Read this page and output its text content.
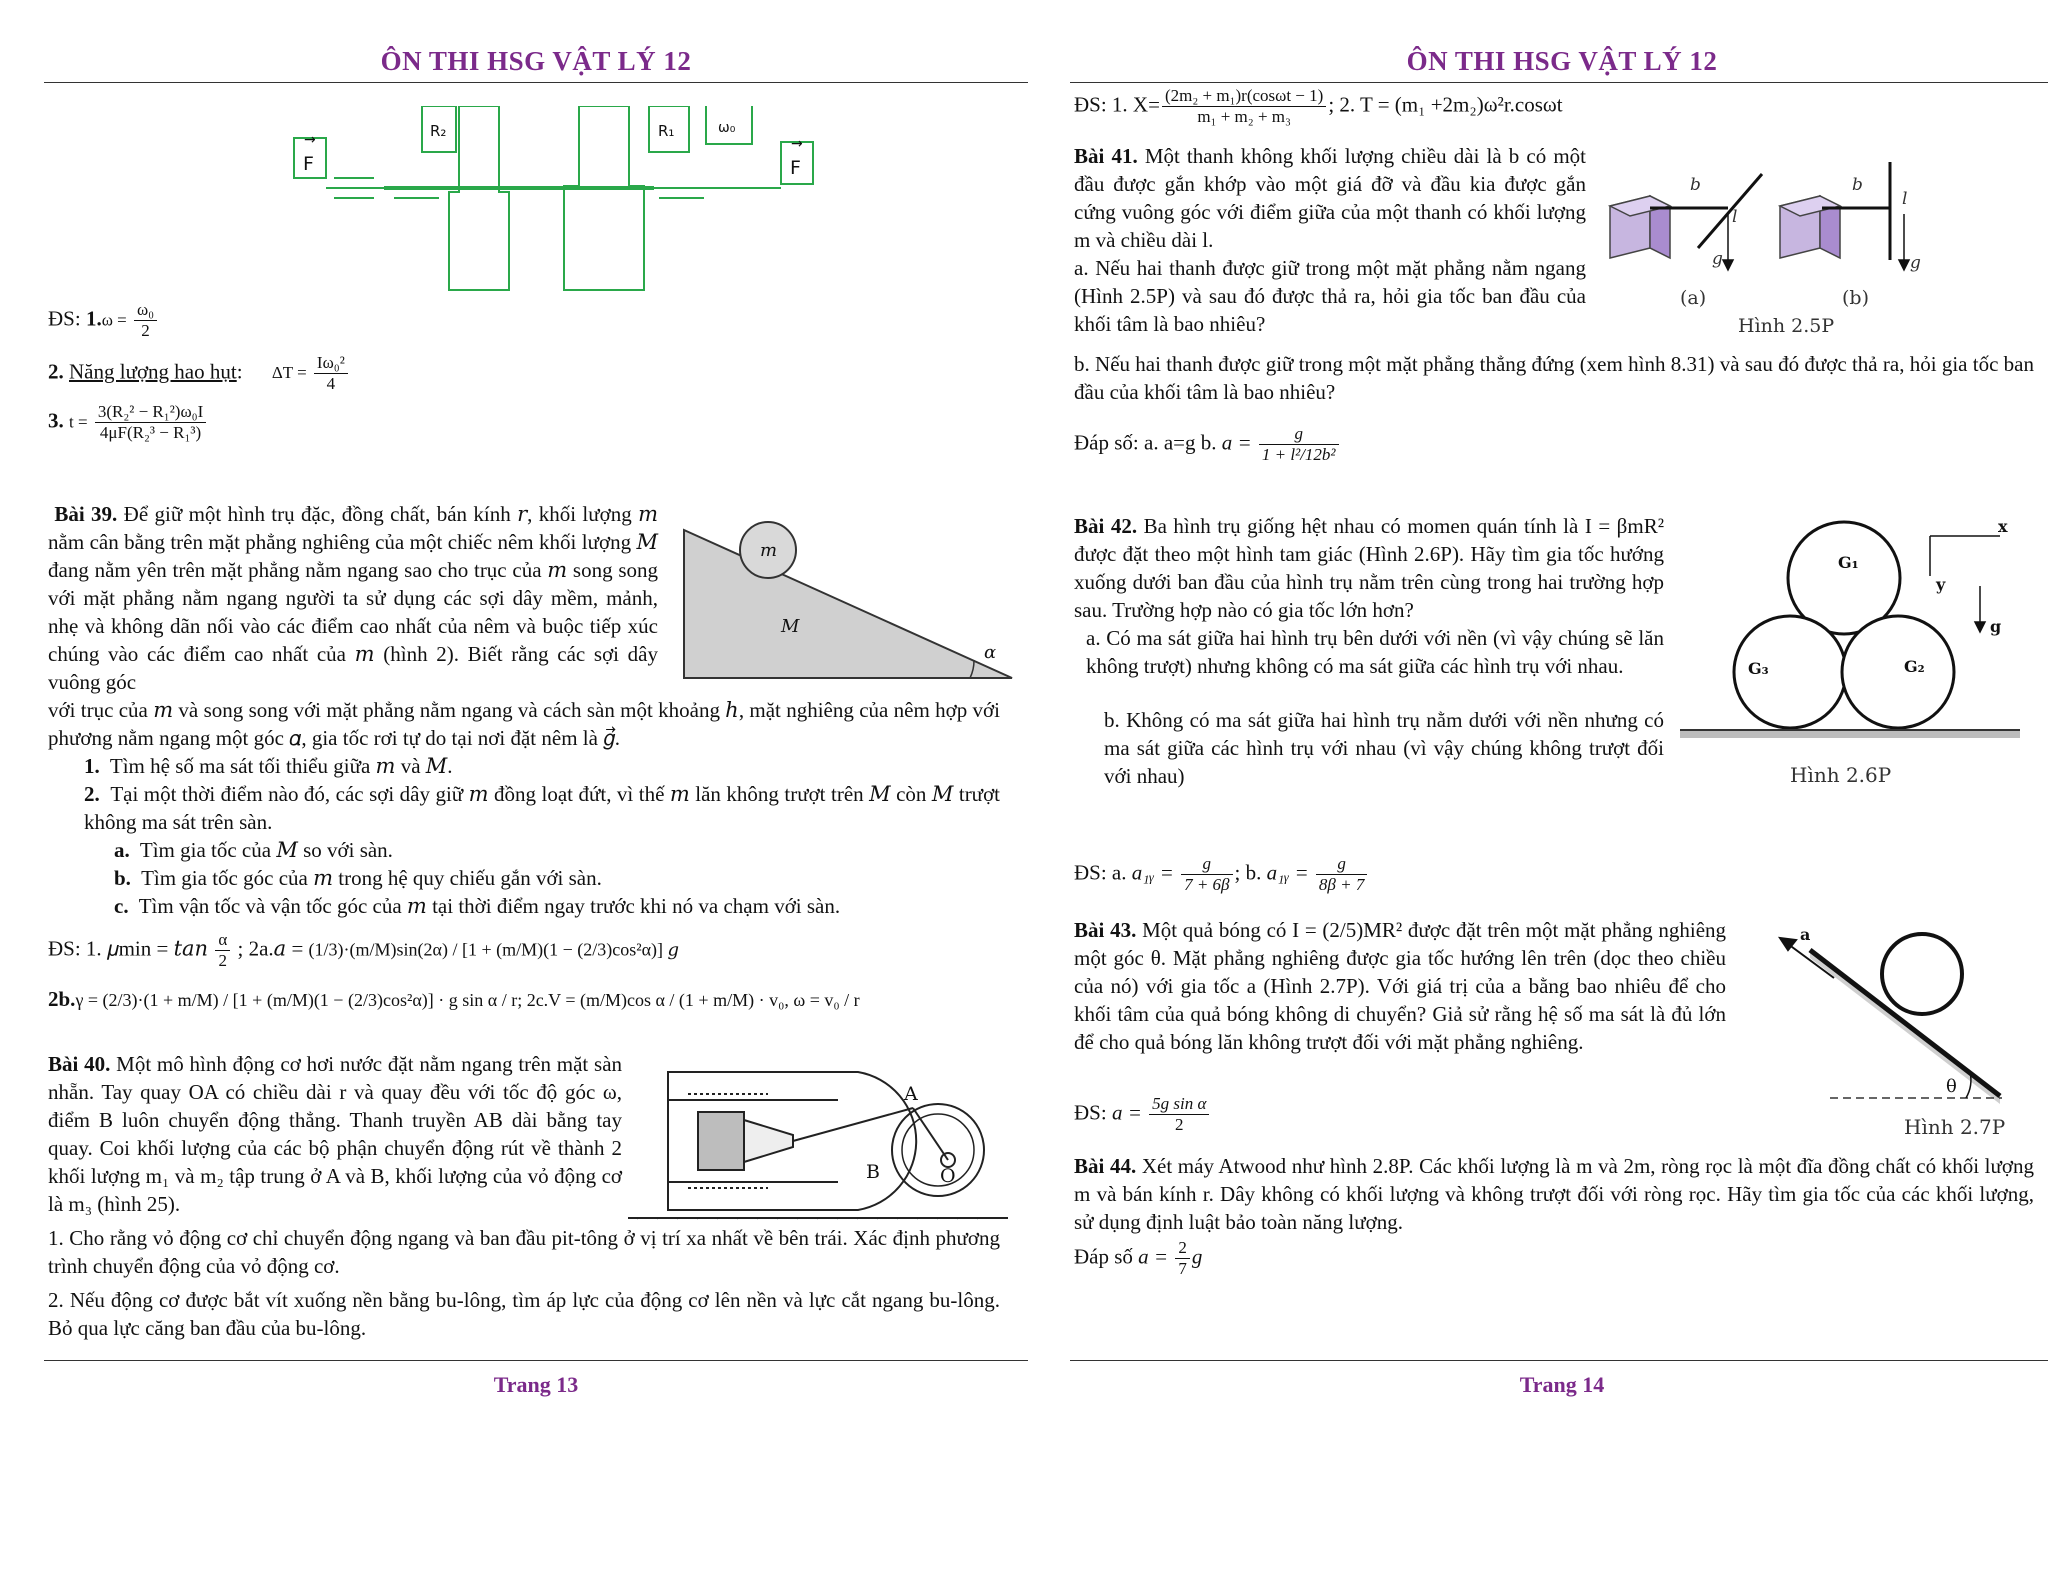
ÔN THI HSG VẬT LÝ 12
F
→
F
→
R₂	R₁	ω₀

ĐS: $1.\omega = \frac{\text{ω₀}}{2}$

2. Năng lượng hao hụt: $\Delta T = \frac{\text{Iω₀²}}{4}$

3. $t = \frac{\text{3(R₂² − R₁²)ω₀I}}{\text{4μF(R₂³ − R₁³)}}$

Bài 39. Để giữ một hình trụ đặc, đồng chất, bán kính 𝑟, khối lượng 𝑚 nằm cân bằng trên mặt phẳng nghiêng của một chiếc nêm khối lượng 𝑀 đang nằm yên trên mặt phẳng nằm ngang sao cho trục của 𝑚 song song với mặt phẳng nằm ngang người ta sử dụng các sợi dây mềm, mảnh, nhẹ và không dãn nối vào các điểm cao nhất của nêm và buộc tiếp xúc chúng vào các điểm cao nhất của 𝑚 (hình 2). Biết rằng các sợi dây vuông góc

m
M
α

với trục của 𝑚 và song song với mặt phẳng nằm ngang và cách sàn một khoảng ℎ, mặt nghiêng của nêm hợp với phương nằm ngang một góc 𝛼, gia tốc rơi tự do tại nơi đặt nêm là 𝑔⃗.

1. Tìm hệ số ma sát tối thiểu giữa 𝑚 và 𝑀.

2. Tại một thời điểm nào đó, các sợi dây giữ 𝑚 đồng loạt đứt, vì thế 𝑚 lăn không trượt trên 𝑀 còn 𝑀 trượt không ma sát trên sàn.

a. Tìm gia tốc của 𝑀 so với sàn.

b. Tìm gia tốc góc của 𝑚 trong hệ quy chiếu gắn với sàn.

c. Tìm vận tốc và vận tốc góc của 𝑚 tại thời điểm ngay trước khi nó va chạm với sàn.

ĐS: 1. 𝜇min = 𝑡𝑎𝑛 $\frac{\alpha}{2}$ ; 2a.𝑎 = (1/3)·(m/M)sin(2α) / [1 + (m/M)(1 − (2/3)cos²α)] 𝑔

2b.γ = (2/3)·(1 + m/M) / [1 + (m/M)(1 − (2/3)cos²α)] · g sin α / r; 2c.V = (m/M)cos α / (1 + m/M) · v₀, ω = v₀ / r

Bài 40. Một mô hình động cơ hơi nước đặt nằm ngang trên mặt sàn nhẵn. Tay quay OA có chiều dài r và quay đều với tốc độ góc ω, điểm B luôn chuyển động thẳng. Thanh truyền AB dài bằng tay quay. Coi khối lượng của các bộ phận chuyển động rút về thành 2 khối lượng m₁ và m₂ tập trung ở A và B, khối lượng của vỏ động cơ là m₃ (hình 25).

A
B	O

1. Cho rằng vỏ động cơ chỉ chuyển động ngang và ban đầu pit-tông ở vị trí xa nhất về bên trái. Xác định phương trình chuyển động của vỏ động cơ.

2. Nếu động cơ được bắt vít xuống nền bằng bu-lông, tìm áp lực của động cơ lên nền và lực cắt ngang bu-lông. Bỏ qua lực căng ban đầu của bu-lông.

Trang 13
ÔN THI HSG VẬT LÝ 12

ĐS: 1. $X= \frac{\text{(2m₂ + m₁)r(cosωt − 1)}}{\text{m₁ + m₂ + m₃}}$ ; 2. T = (m₁ +2m₂)ω²r.cosωt

Bài 41. Một thanh không khối lượng chiều dài là b có một đầu được gắn khớp vào một giá đỡ và đầu kia được gắn cứng vuông góc với điểm giữa của một thanh có khối lượng m và chiều dài l.

a. Nếu hai thanh được giữ trong một mặt phẳng nằm ngang (Hình 2.5P) và sau đó được thả ra, hỏi gia tốc ban đầu của khối tâm là bao nhiêu?

b
l
g
b
l
g
(a)	(b)
Hình 2.5P

b. Nếu hai thanh được giữ trong một mặt phẳng thẳng đứng (xem hình 8.31) và sau đó được thả ra, hỏi gia tốc ban đầu của khối tâm là bao nhiêu?

Đáp số: a. a=g b. $a = \frac{g}{\text{1 + l²/12b²}}$

Bài 42. Ba hình trụ giống hệt nhau có momen quán tính là I = βmR² được đặt theo một hình tam giác (Hình 2.6P). Hãy tìm gia tốc hướng xuống dưới ban đầu của hình trụ nằm trên cùng trong hai trường hợp sau. Trường hợp nào có gia tốc lớn hơn?

a. Có ma sát giữa hai hình trụ bên dưới với nền (vì vậy chúng sẽ lăn không trượt) nhưng không có ma sát giữa các hình trụ với nhau.

b. Không có ma sát giữa hai hình trụ nằm dưới với nền nhưng có ma sát giữa các hình trụ với nhau (vì vậy chúng không trượt đối với nhau)

G₁
G₂
G₃
x
y
g
Hình 2.6P

ĐS: a. a₁ᵧ = $\frac{g}{7 + 6\beta}$ ; b. a₁ᵧ = $\frac{g}{8\beta + 7}$

Bài 43. Một quả bóng có I = (2/5)MR² được đặt trên một mặt phẳng nghiêng một góc θ. Mặt phẳng nghiêng được gia tốc hướng lên trên (dọc theo chiều của nó) với gia tốc a (Hình 2.7P). Với giá trị của a bằng bao nhiêu để cho khối tâm của quả bóng không di chuyển? Giả sử rằng hệ số ma sát là đủ lớn để cho quả bóng lăn không trượt đối với mặt phẳng nghiêng.

a
θ
Hình 2.7P

ĐS: $a = \frac{\text{5g sin α}}{2}$

Bài 44. Xét máy Atwood như hình 2.8P. Các khối lượng là m và 2m, ròng rọc là một đĩa đồng chất có khối lượng m và bán kính r. Dây không có khối lượng và không trượt đối với ròng rọc. Hãy tìm gia tốc của các khối lượng, sử dụng định luật bảo toàn năng lượng.

Đáp số $a = \frac{2}{7}$ g

Trang 14
